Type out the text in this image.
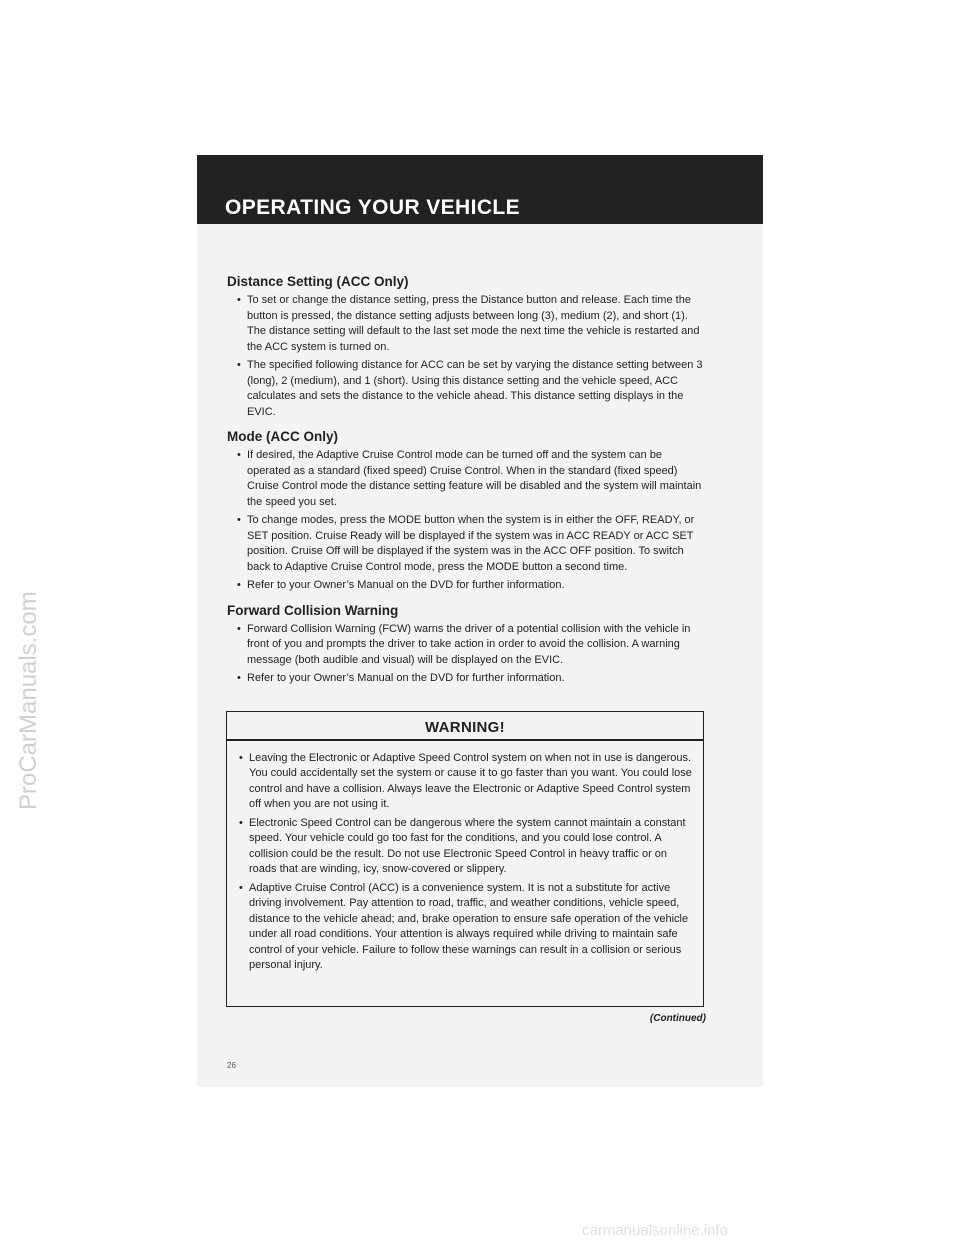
ProCarManuals.com
OPERATING YOUR VEHICLE
Distance Setting (ACC Only)
•
To set or change the distance setting, press the Distance button and release. Each time the button is pressed, the distance setting adjusts between long (3), medium (2), and short (1). The distance setting will default to the last set mode the next time the vehicle is restarted and the ACC system is turned on.
•
The specified following distance for ACC can be set by varying the distance setting between 3 (long), 2 (medium), and 1 (short). Using this distance setting and the vehicle speed, ACC calculates and sets the distance to the vehicle ahead. This distance setting displays in the EVIC.
Mode (ACC Only)
•
If desired, the Adaptive Cruise Control mode can be turned off and the system can be operated as a standard (fixed speed) Cruise Control. When in the standard (fixed speed) Cruise Control mode the distance setting feature will be disabled and the system will maintain the speed you set.
•
To change modes, press the MODE button when the system is in either the OFF, READY, or SET position. Cruise Ready will be displayed if the system was in ACC READY or ACC SET position. Cruise Off will be displayed if the system was in the ACC OFF position. To switch back to Adaptive Cruise Control mode, press the MODE button a second time.
•
Refer to your Owner’s Manual on the DVD for further information.
Forward Collision Warning
•
Forward Collision Warning (FCW) warns the driver of a potential collision with the vehicle in front of you and prompts the driver to take action in order to avoid the collision. A warning message (both audible and visual) will be displayed on the EVIC.
•
Refer to your Owner’s Manual on the DVD for further information.
WARNING!
•
Leaving the Electronic or Adaptive Speed Control system on when not in use is dangerous. You could accidentally set the system or cause it to go faster than you want. You could lose control and have a collision. Always leave the Electronic or Adaptive Speed Control system off when you are not using it.
•
Electronic Speed Control can be dangerous where the system cannot maintain a constant speed. Your vehicle could go too fast for the conditions, and you could lose control. A collision could be the result. Do not use Electronic Speed Control in heavy traffic or on roads that are winding, icy, snow-covered or slippery.
•
Adaptive Cruise Control (ACC) is a convenience system. It is not a substitute for active driving involvement. Pay attention to road, traffic, and weather conditions, vehicle speed, distance to the vehicle ahead; and, brake operation to ensure safe operation of the vehicle under all road conditions. Your attention is always required while driving to maintain safe control of your vehicle. Failure to follow these warnings can result in a collision or serious personal injury.
(Continued)
26
carmanualsonline.info
